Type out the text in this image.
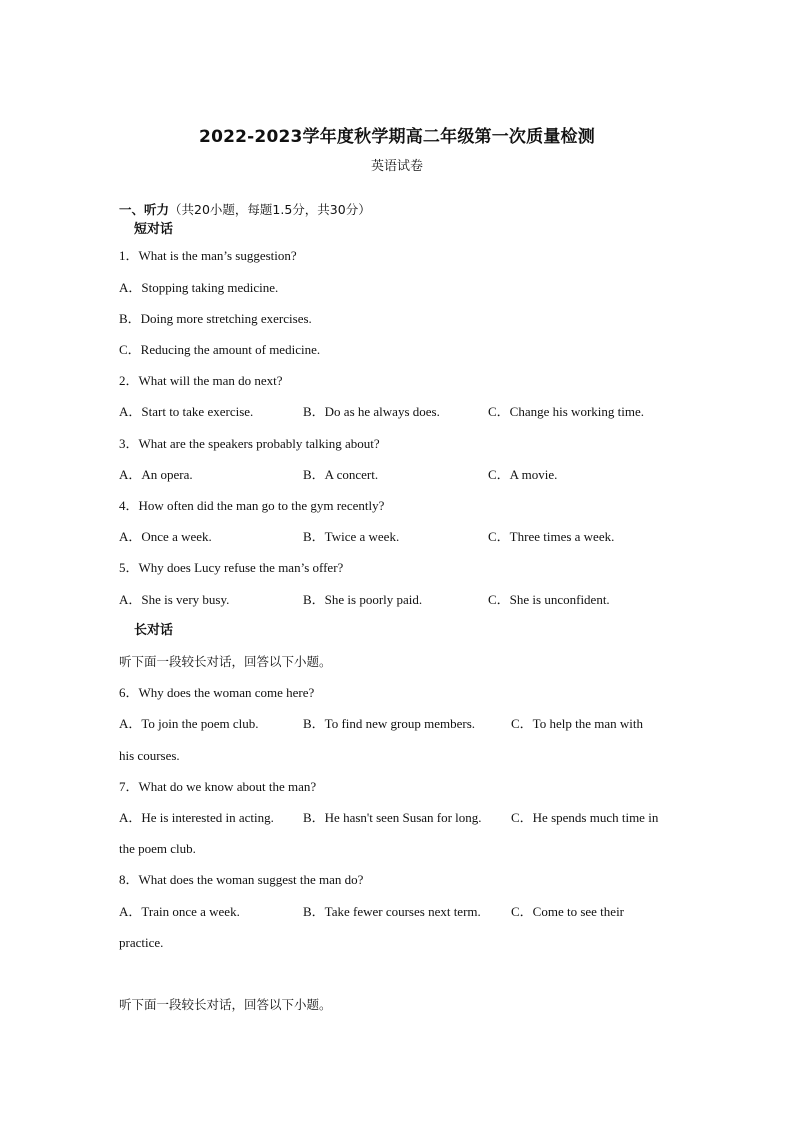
2022-2023学年度秋学期高二年级第一次质量检测
英语试卷
一、听力（共20小题，每题1.5分，共30分）
短对话
1．What is the man’s suggestion?
A．Stopping taking medicine.
B．Doing more stretching exercises.
C．Reducing the amount of medicine.
2．What will the man do next?
A．Start to take exercise.	B．Do as he always does.	C．Change his working time.
3．What are the speakers probably talking about?
A．An opera.	B．A concert.	C．A movie.
4．How often did the man go to the gym recently?
A．Once a week.	B．Twice a week.	C．Three times a week.
5．Why does Lucy refuse the man’s offer?
A．She is very busy.	B．She is poorly paid.	C．She is unconfident.
长对话
听下面一段较长对话，回答以下小题。
6．Why does the woman come here?
A．To join the poem club.	B．To find new group members.	C．To help the man with
his courses.
7．What do we know about the man?
A．He is interested in acting. B．He hasn't seen Susan for long. C．He spends much time in
the poem club.
8．What does the woman suggest the man do?
A．Train once a week.	B．Take fewer courses next term. C．Come to see their
practice.
听下面一段较长对话，回答以下小题。
